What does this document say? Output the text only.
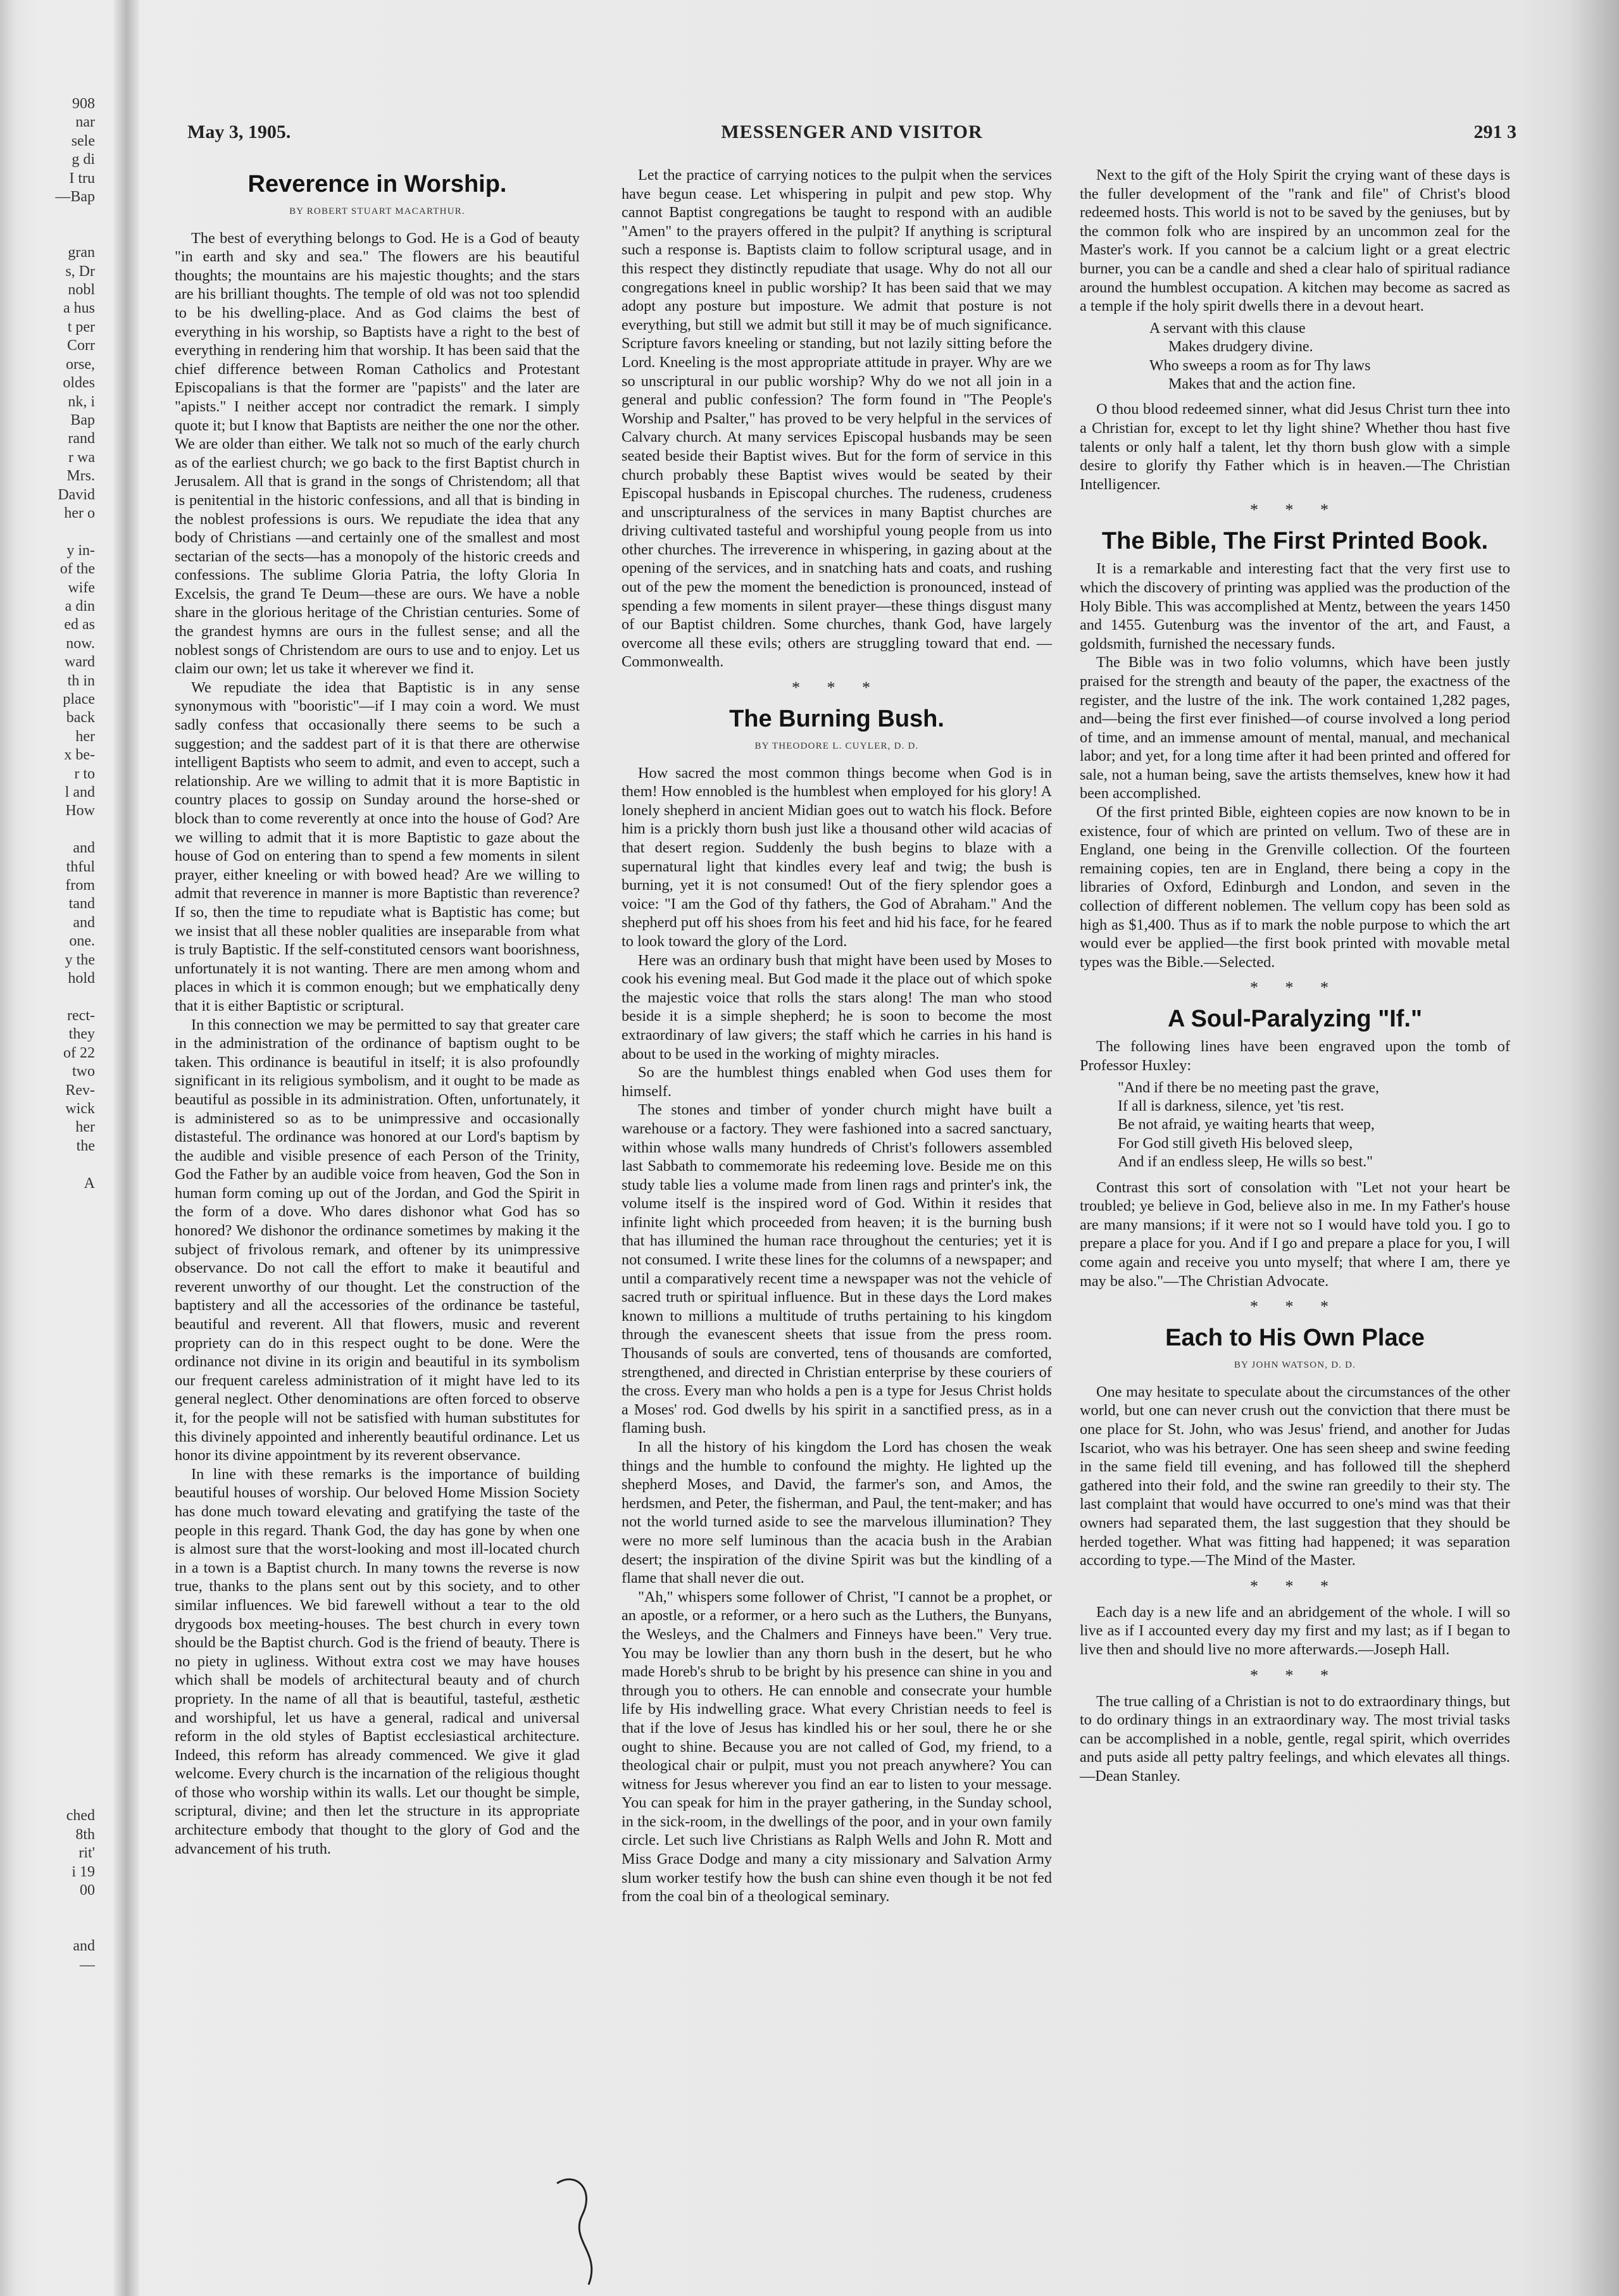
908
nar
sele
g di
I tru
—Bap

gran
s, Dr
nobl
a hus
t per
Corr
orse,
oldes
nk, i
Bap
rand
r wa
Mrs.
David
her o

y in-
of the
wife
a din
ed as
now.
ward
th in
place
back
her
x be-
r to
l and
How

and
thful
from
tand
and
one.
y the
hold

rect-
they
of 22
two
Rev-
wick
her
the

A

ched
8th
rit'
i 19
00

and
—
May 3, 1905.	MESSENGER AND VISITOR	291 3
Reverence in Worship.
BY ROBERT STUART MACARTHUR.

The best of everything belongs to God. He is a God of beauty "in earth and sky and sea." The flowers are his beautiful thoughts; the mountains are his majestic thoughts; and the stars are his brilliant thoughts. The temple of old was not too splendid to be his dwelling-place. And as God claims the best of everything in his worship, so Baptists have a right to the best of everything in rendering him that worship. It has been said that the chief difference between Roman Catholics and Protestant Episcopalians is that the former are "papists" and the later are "apists." I neither accept nor contradict the remark. I simply quote it; but I know that Baptists are neither the one nor the other. We are older than either. We talk not so much of the early church as of the earliest church; we go back to the first Baptist church in Jerusalem. All that is grand in the songs of Christendom; all that is penitential in the historic confessions, and all that is binding in the noblest professions is ours. We repudiate the idea that any body of Christians —and certainly one of the smallest and most sectarian of the sects—has a monopoly of the historic creeds and confessions. The sublime Gloria Patria, the lofty Gloria In Excelsis, the grand Te Deum—these are ours. We have a noble share in the glorious heritage of the Christian centuries. Some of the grandest hymns are ours in the fullest sense; and all the noblest songs of Christendom are ours to use and to enjoy. Let us claim our own; let us take it wherever we find it.

We repudiate the idea that Baptistic is in any sense synonymous with "booristic"—if I may coin a word. We must sadly confess that occasionally there seems to be such a suggestion; and the saddest part of it is that there are otherwise intelligent Baptists who seem to admit, and even to accept, such a relationship. Are we willing to admit that it is more Baptistic in country places to gossip on Sunday around the horse-shed or block than to come reverently at once into the house of God? Are we willing to admit that it is more Baptistic to gaze about the house of God on entering than to spend a few moments in silent prayer, either kneeling or with bowed head? Are we willing to admit that reverence in manner is more Baptistic than reverence? If so, then the time to repudiate what is Baptistic has come; but we insist that all these nobler qualities are inseparable from what is truly Baptistic. If the self-constituted censors want boorishness, unfortunately it is not wanting. There are men among whom and places in which it is common enough; but we emphatically deny that it is either Baptistic or scriptural.

In this connection we may be permitted to say that greater care in the administration of the ordinance of baptism ought to be taken. This ordinance is beautiful in itself; it is also profoundly significant in its religious symbolism, and it ought to be made as beautiful as possible in its administration. Often, unfortunately, it is administered so as to be unimpressive and occasionally distasteful. The ordinance was honored at our Lord's baptism by the audible and visible presence of each Person of the Trinity, God the Father by an audible voice from heaven, God the Son in human form coming up out of the Jordan, and God the Spirit in the form of a dove. Who dares dishonor what God has so honored? We dishonor the ordinance sometimes by making it the subject of frivolous remark, and oftener by its unimpressive observance. Do not call the effort to make it beautiful and reverent unworthy of our thought. Let the construction of the baptistery and all the accessories of the ordinance be tasteful, beautiful and reverent. All that flowers, music and reverent propriety can do in this respect ought to be done. Were the ordinance not divine in its origin and beautiful in its symbolism our frequent careless administration of it might have led to its general neglect. Other denominations are often forced to observe it, for the people will not be satisfied with human substitutes for this divinely appointed and inherently beautiful ordinance. Let us honor its divine appointment by its reverent observance.

In line with these remarks is the importance of building beautiful houses of worship. Our beloved Home Mission Society has done much toward elevating and gratifying the taste of the people in this regard. Thank God, the day has gone by when one is almost sure that the worst-looking and most ill-located church in a town is a Baptist church. In many towns the reverse is now true, thanks to the plans sent out by this society, and to other similar influences. We bid farewell without a tear to the old drygoods box meeting-houses. The best church in every town should be the Baptist church. God is the friend of beauty. There is no piety in ugliness. Without extra cost we may have houses which shall be models of architectural beauty and of church propriety. In the name of all that is beautiful, tasteful, æsthetic and worshipful, let us have a general, radical and universal reform in the old styles of Baptist ecclesiastical architecture. Indeed, this reform has already commenced. We give it glad welcome. Every church is the incarnation of the religious thought of those who worship within its walls. Let our thought be simple, scriptural, divine; and then let the structure in its appropriate architecture embody that thought to the glory of God and the advancement of his truth.

Let the practice of carrying notices to the pulpit when the services have begun cease. Let whispering in pulpit and pew stop. Why cannot Baptist congregations be taught to respond with an audible "Amen" to the prayers offered in the pulpit? If anything is scriptural such a response is. Baptists claim to follow scriptural usage, and in this respect they distinctly repudiate that usage. Why do not all our congregations kneel in public worship? It has been said that we may adopt any posture but imposture. We admit that posture is not everything, but still we admit but still it may be of much significance. Scripture favors kneeling or standing, but not lazily sitting before the Lord. Kneeling is the most appropriate attitude in prayer. Why are we so unscriptural in our public worship? Why do we not all join in a general and public confession? The form found in "The People's Worship and Psalter," has proved to be very helpful in the services of Calvary church. At many services Episcopal husbands may be seen seated beside their Baptist wives. But for the form of service in this church probably these Baptist wives would be seated by their Episcopal husbands in Episcopal churches. The rudeness, crudeness and unscripturalness of the services in many Baptist churches are driving cultivated tasteful and worshipful young people from us into other churches. The irreverence in whispering, in gazing about at the opening of the services, and in snatching hats and coats, and rushing out of the pew the moment the benediction is pronounced, instead of spending a few moments in silent prayer—these things disgust many of our Baptist children. Some churches, thank God, have largely overcome all these evils; others are struggling toward that end. —Commonwealth.

* * *
The Burning Bush.
BY THEODORE L. CUYLER, D. D.

How sacred the most common things become when God is in them! How ennobled is the humblest when employed for his glory! A lonely shepherd in ancient Midian goes out to watch his flock. Before him is a prickly thorn bush just like a thousand other wild acacias of that desert region. Suddenly the bush begins to blaze with a supernatural light that kindles every leaf and twig; the bush is burning, yet it is not consumed! Out of the fiery splendor goes a voice: "I am the God of thy fathers, the God of Abraham." And the shepherd put off his shoes from his feet and hid his face, for he feared to look toward the glory of the Lord.

Here was an ordinary bush that might have been used by Moses to cook his evening meal. But God made it the place out of which spoke the majestic voice that rolls the stars along! The man who stood beside it is a simple shepherd; he is soon to become the most extraordinary of law givers; the staff which he carries in his hand is about to be used in the working of mighty miracles.

So are the humblest things enabled when God uses them for himself.

The stones and timber of yonder church might have built a warehouse or a factory. They were fashioned into a sacred sanctuary, within whose walls many hundreds of Christ's followers assembled last Sabbath to commemorate his redeeming love. Beside me on this study table lies a volume made from linen rags and printer's ink, the volume itself is the inspired word of God. Within it resides that infinite light which proceeded from heaven; it is the burning bush that has illumined the human race throughout the centuries; yet it is not consumed. I write these lines for the columns of a newspaper; and until a comparatively recent time a newspaper was not the vehicle of sacred truth or spiritual influence. But in these days the Lord makes known to millions a multitude of truths pertaining to his kingdom through the evanescent sheets that issue from the press room. Thousands of souls are converted, tens of thousands are comforted, strengthened, and directed in Christian enterprise by these couriers of the cross. Every man who holds a pen is a type for Jesus Christ holds a Moses' rod. God dwells by his spirit in a sanctified press, as in a flaming bush.

In all the history of his kingdom the Lord has chosen the weak things and the humble to confound the mighty. He lighted up the shepherd Moses, and David, the farmer's son, and Amos, the herdsmen, and Peter, the fisherman, and Paul, the tent-maker; and has not the world turned aside to see the marvelous illumination? They were no more self luminous than the acacia bush in the Arabian desert; the inspiration of the divine Spirit was but the kindling of a flame that shall never die out.

"Ah," whispers some follower of Christ, "I cannot be a prophet, or an apostle, or a reformer, or a hero such as the Luthers, the Bunyans, the Wesleys, and the Chalmers and Finneys have been." Very true. You may be lowlier than any thorn bush in the desert, but he who made Horeb's shrub to be bright by his presence can shine in you and through you to others. He can ennoble and consecrate your humble life by His indwelling grace. What every Christian needs to feel is that if the love of Jesus has kindled his or her soul, there he or she ought to shine. Because you are not called of God, my friend, to a theological chair or pulpit, must you not preach anywhere? You can witness for Jesus wherever you find an ear to listen to your message. You can speak for him in the prayer gathering, in the Sunday school, in the sick-room, in the dwellings of the poor, and in your own family circle. Let such live Christians as Ralph Wells and John R. Mott and Miss Grace Dodge and many a city missionary and Salvation Army slum worker testify how the bush can shine even though it be not fed from the coal bin of a theological seminary.

Next to the gift of the Holy Spirit the crying want of these days is the fuller development of the "rank and file" of Christ's blood redeemed hosts. This world is not to be saved by the geniuses, but by the common folk who are inspired by an uncommon zeal for the Master's work. If you cannot be a calcium light or a great electric burner, you can be a candle and shed a clear halo of spiritual radiance around the humblest occupation. A kitchen may become as sacred as a temple if the holy spirit dwells there in a devout heart.

A servant with this clause
Makes drudgery divine.
Who sweeps a room as for Thy laws
Makes that and the action fine.

O thou blood redeemed sinner, what did Jesus Christ turn thee into a Christian for, except to let thy light shine? Whether thou hast five talents or only half a talent, let thy thorn bush glow with a simple desire to glorify thy Father which is in heaven.—The Christian Intelligencer.

* * *
The Bible, The First Printed Book.

It is a remarkable and interesting fact that the very first use to which the discovery of printing was applied was the production of the Holy Bible. This was accomplished at Mentz, between the years 1450 and 1455. Gutenburg was the inventor of the art, and Faust, a goldsmith, furnished the necessary funds.

The Bible was in two folio volumns, which have been justly praised for the strength and beauty of the paper, the exactness of the register, and the lustre of the ink. The work contained 1,282 pages, and—being the first ever finished—of course involved a long period of time, and an immense amount of mental, manual, and mechanical labor; and yet, for a long time after it had been printed and offered for sale, not a human being, save the artists themselves, knew how it had been accomplished.

Of the first printed Bible, eighteen copies are now known to be in existence, four of which are printed on vellum. Two of these are in England, one being in the Grenville collection. Of the fourteen remaining copies, ten are in England, there being a copy in the libraries of Oxford, Edinburgh and London, and seven in the collection of different noblemen. The vellum copy has been sold as high as $1,400. Thus as if to mark the noble purpose to which the art would ever be applied—the first book printed with movable metal types was the Bible.—Selected.

* * *
A Soul-Paralyzing "If."

The following lines have been engraved upon the tomb of Professor Huxley:

"And if there be no meeting past the grave,
If all is darkness, silence, yet 'tis rest.
Be not afraid, ye waiting hearts that weep,
For God still giveth His beloved sleep,
And if an endless sleep, He wills so best."

Contrast this sort of consolation with "Let not your heart be troubled; ye believe in God, believe also in me. In my Father's house are many mansions; if it were not so I would have told you. I go to prepare a place for you. And if I go and prepare a place for you, I will come again and receive you unto myself; that where I am, there ye may be also."—The Christian Advocate.

* * *
Each to His Own Place
BY JOHN WATSON, D. D.

One may hesitate to speculate about the circumstances of the other world, but one can never crush out the conviction that there must be one place for St. John, who was Jesus' friend, and another for Judas Iscariot, who was his betrayer. One has seen sheep and swine feeding in the same field till evening, and has followed till the shepherd gathered into their fold, and the swine ran greedily to their sty. The last complaint that would have occurred to one's mind was that their owners had separated them, the last suggestion that they should be herded together. What was fitting had happened; it was separation according to type.—The Mind of the Master.

* * *

Each day is a new life and an abridgement of the whole. I will so live as if I accounted every day my first and my last; as if I began to live then and should live no more afterwards.—Joseph Hall.

* * *

The true calling of a Christian is not to do extraordinary things, but to do ordinary things in an extraordinary way. The most trivial tasks can be accomplished in a noble, gentle, regal spirit, which overrides and puts aside all petty paltry feelings, and which elevates all things.—Dean Stanley.
